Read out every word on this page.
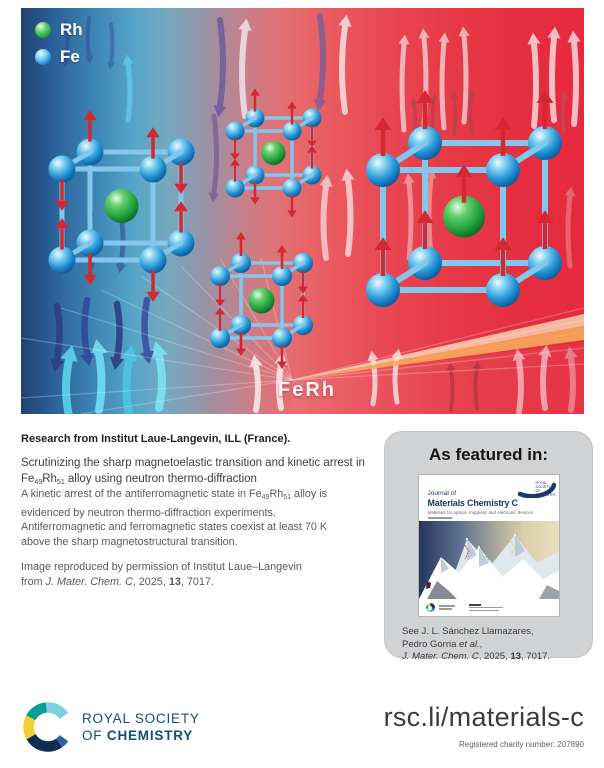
Rh
Fe
FeRh
Research from Institut Laue-Langevin, ILL (France).
Scrutinizing the sharp magnetoelastic transition and kinetic arrest in $Fe_{49}Rh_{51}$ alloy using neutron thermo-diffraction
A kinetic arrest of the antiferromagnetic state in $Fe_{49}Rh_{51}$ alloy is evidenced by neutron thermo-diffraction experiments. Antiferromagnetic and ferromagnetic states coexist at least 70 K above the sharp magnetostructural transition.
Image reproduced by permission of Institut Laue–Langevin from J. Mater. Chem. C, 2025, 13, 7017.
As featured in:
ROYAL SOCIETY OF CHEMISTRY
Journal of
Materials Chemistry C
Materials for optical, magnetic and electronic devices
See J. L. Sánchez Llamazares,
Pedro Gorria et al.,
J. Mater. Chem. C, 2025, 13, 7017.
ROYAL SOCIETY
OF CHEMISTRY
rsc.li/materials-c
Registered charity number: 207890
